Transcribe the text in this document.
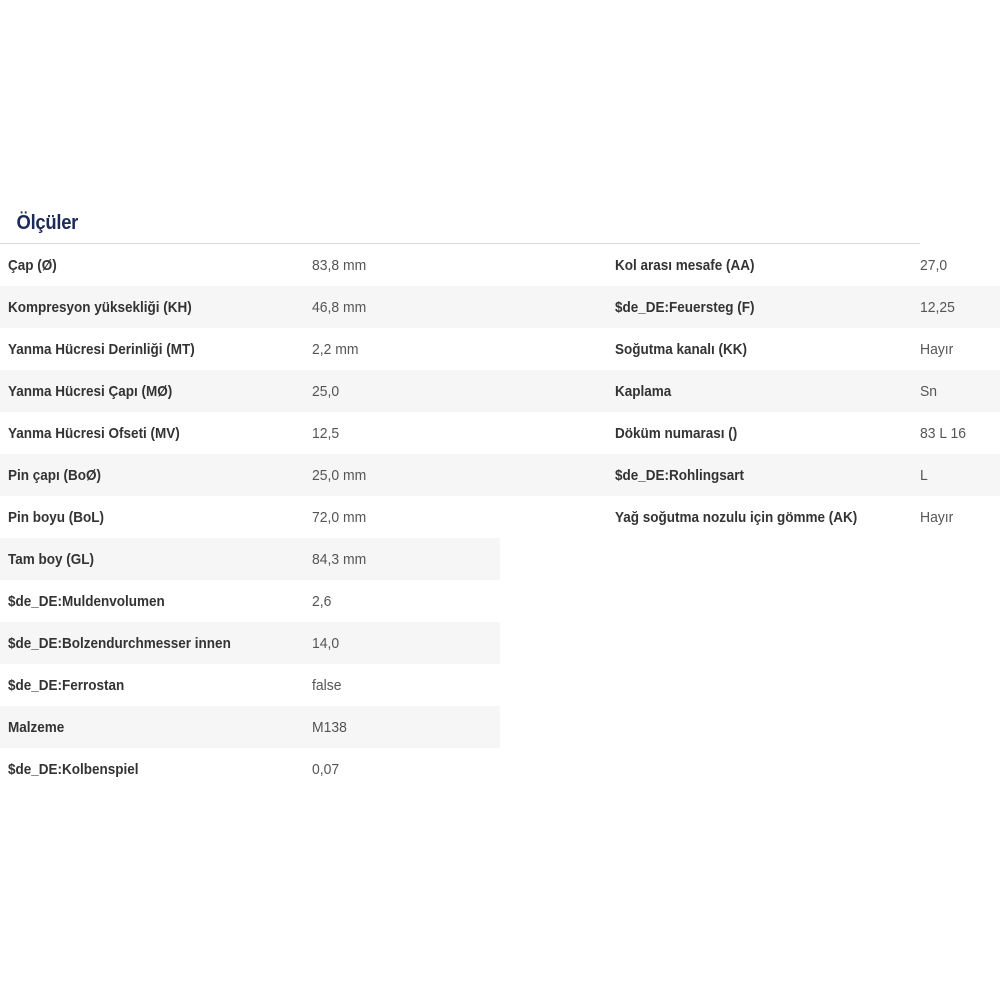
Ölçüler
Çap (Ø)	83,8 mm
Kompresyon yüksekliği (KH)	46,8 mm
Yanma Hücresi Derinliği (MT)	2,2 mm
Yanma Hücresi Çapı (MØ)	25,0
Yanma Hücresi Ofseti (MV)	12,5
Pin çapı (BoØ)	25,0 mm
Pin boyu (BoL)	72,0 mm
Tam boy (GL)	84,3 mm
$de_DE:Muldenvolumen	2,6
$de_DE:Bolzendurchmesser innen	14,0
$de_DE:Ferrostan	false
Malzeme	M138
$de_DE:Kolbenspiel	0,07
Kol arası mesafe (AA)	27,0
$de_DE:Feuersteg (F)	12,25
Soğutma kanalı (KK)	Hayır
Kaplama	Sn
Döküm numarası ()	83 L 16
$de_DE:Rohlingsart	L
Yağ soğutma nozulu için gömme (AK)	Hayır
